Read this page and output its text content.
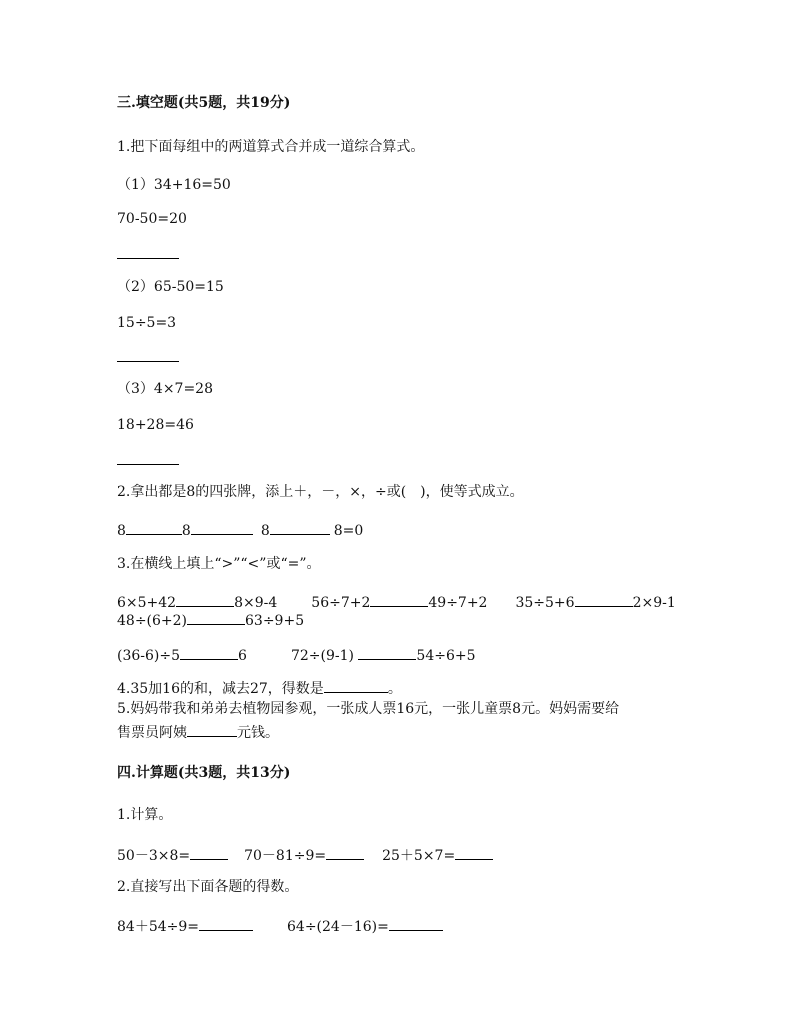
三.填空题(共5题，共19分)
1.把下面每组中的两道算式合并成一道综合算式。
（1）34+16=50
70-50=20
（2）65-50=15
15÷5=3
（3）4×7=28
18+28=46
2.拿出都是8的四张牌，添上＋，－，×，÷或(　)，使等式成立。
8	8	8	8=0
3.在横线上填上“>”“<”或“=”。
6×5+42	8×9-4 56÷7+2	49÷7+2 35÷5+6	2×9-1
48÷(6+2)	63÷9+5
(36-6)÷5	6	72÷(9-1)	54÷6+5
4.35加16的和，减去27，得数是	。
5.妈妈带我和弟弟去植物园参观，一张成人票16元，一张儿童票8元。妈妈需要给
售票员阿姨	元钱。
四.计算题(共3题，共13分)
1.计算。
50－3×8=	70－81÷9=	25＋5×7=
2.直接写出下面各题的得数。
84＋54÷9=	64÷(24－16)=
